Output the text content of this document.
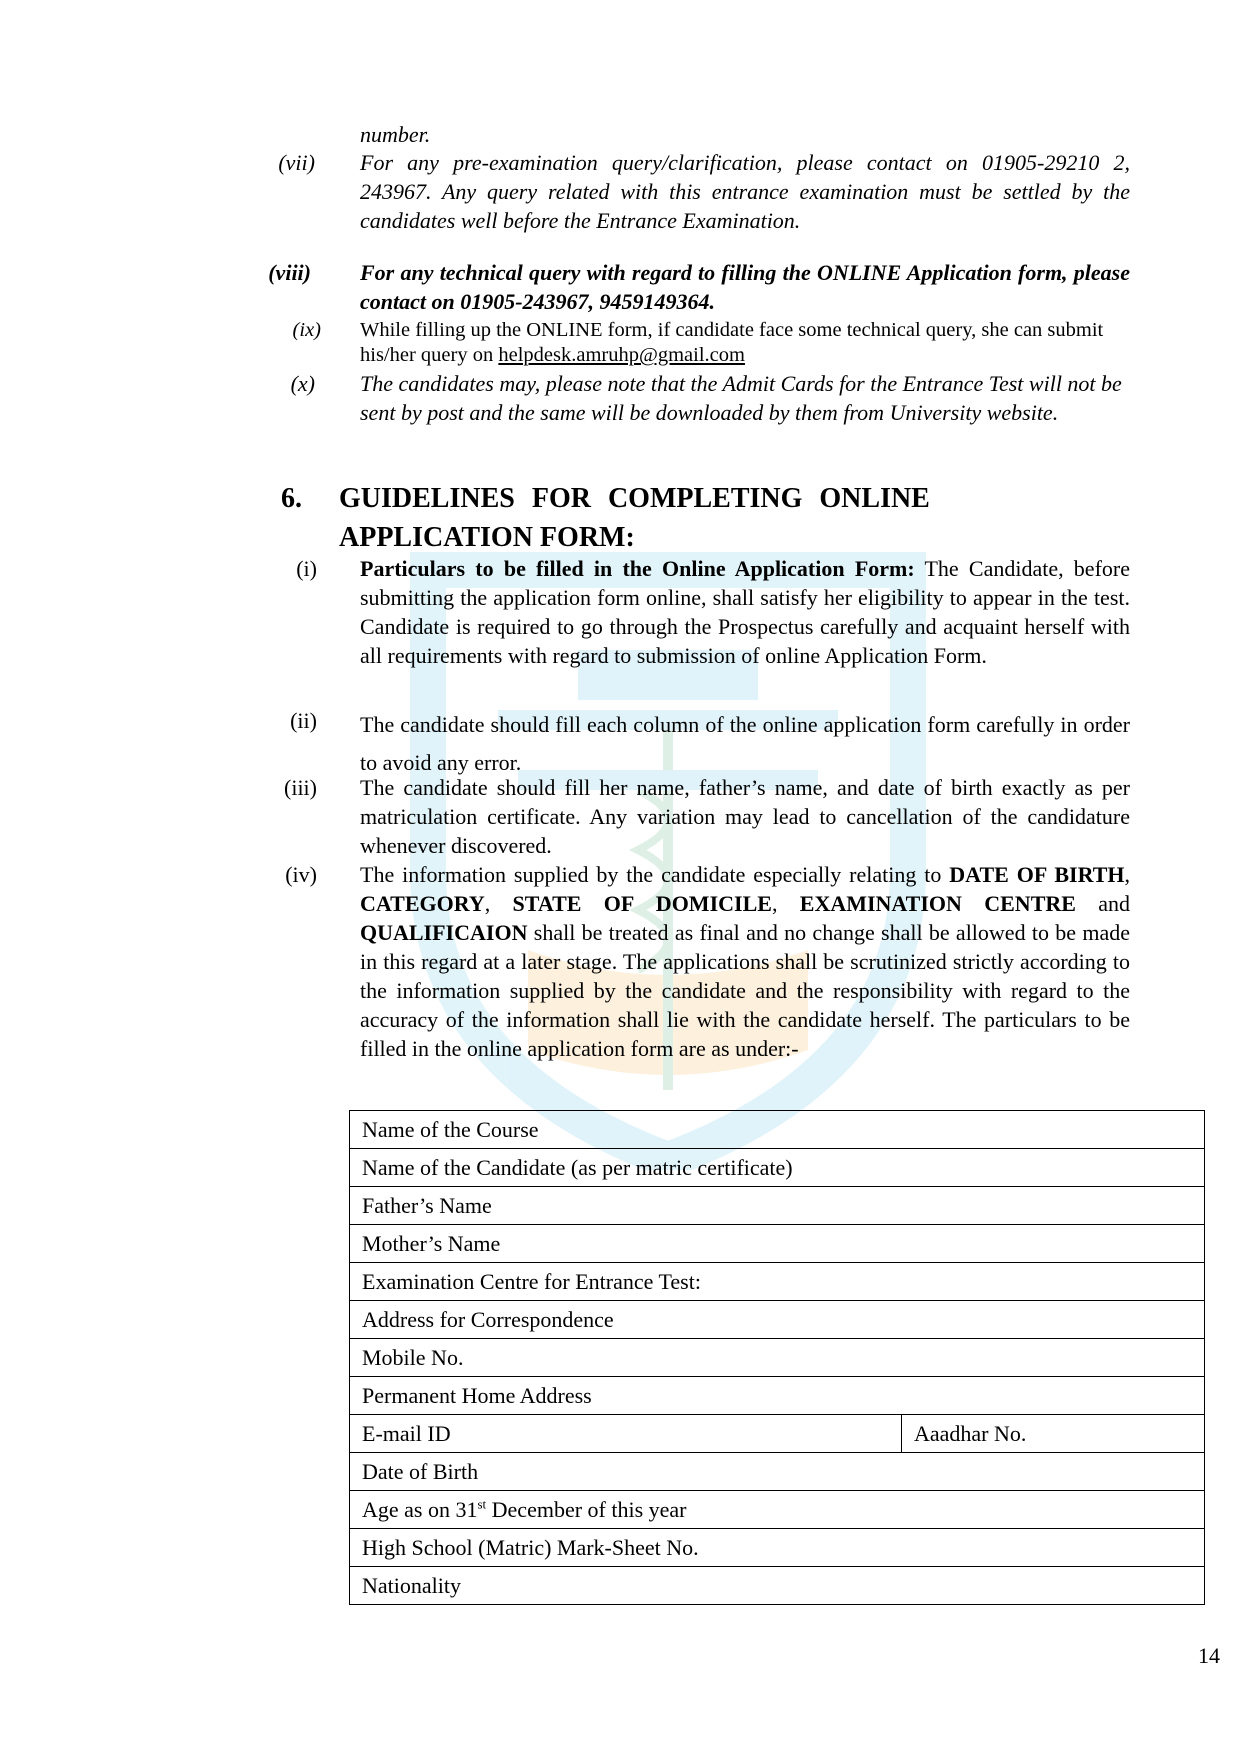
number.
(vii) For any pre-examination query/clarification, please contact on 01905-29210 2, 243967. Any query related with this entrance examination must be settled by the candidates well before the Entrance Examination.
(viii) For any technical query with regard to filling the ONLINE Application form, please contact on 01905-243967, 9459149364.
(ix) While filling up the ONLINE form, if candidate face some technical query, she can submit his/her query on helpdesk.amruhp@gmail.com
(x) The candidates may, please note that the Admit Cards for the Entrance Test will not be sent by post and the same will be downloaded by them from University website.
6. GUIDELINES FOR COMPLETING ONLINE
APPLICATION FORM:
(i) Particulars to be filled in the Online Application Form: The Candidate, before submitting the application form online, shall satisfy her eligibility to appear in the test. Candidate is required to go through the Prospectus carefully and acquaint herself with all requirements with regard to submission of online Application Form.
(ii) The candidate should fill each column of the online application form carefully in order to avoid any error.
(iii) The candidate should fill her name, father’s name, and date of birth exactly as per matriculation certificate. Any variation may lead to cancellation of the candidature whenever discovered.
(iv) The information supplied by the candidate especially relating to DATE OF BIRTH, CATEGORY, STATE OF DOMICILE, EXAMINATION CENTRE and QUALIFICAION shall be treated as final and no change shall be allowed to be made in this regard at a later stage. The applications shall be scrutinized strictly according to the information supplied by the candidate and the responsibility with regard to the accuracy of the information shall lie with the candidate herself. The particulars to be filled in the online application form are as under:-
Name of the Course
Name of the Candidate (as per matric certificate)
Father’s Name
Mother’s Name
Examination Centre for Entrance Test:
Address for Correspondence
Mobile No.
Permanent Home Address
E-mail ID	Aaadhar No.
Date of Birth
Age as on 31st December of this year
High School (Matric) Mark-Sheet No.
Nationality
14
